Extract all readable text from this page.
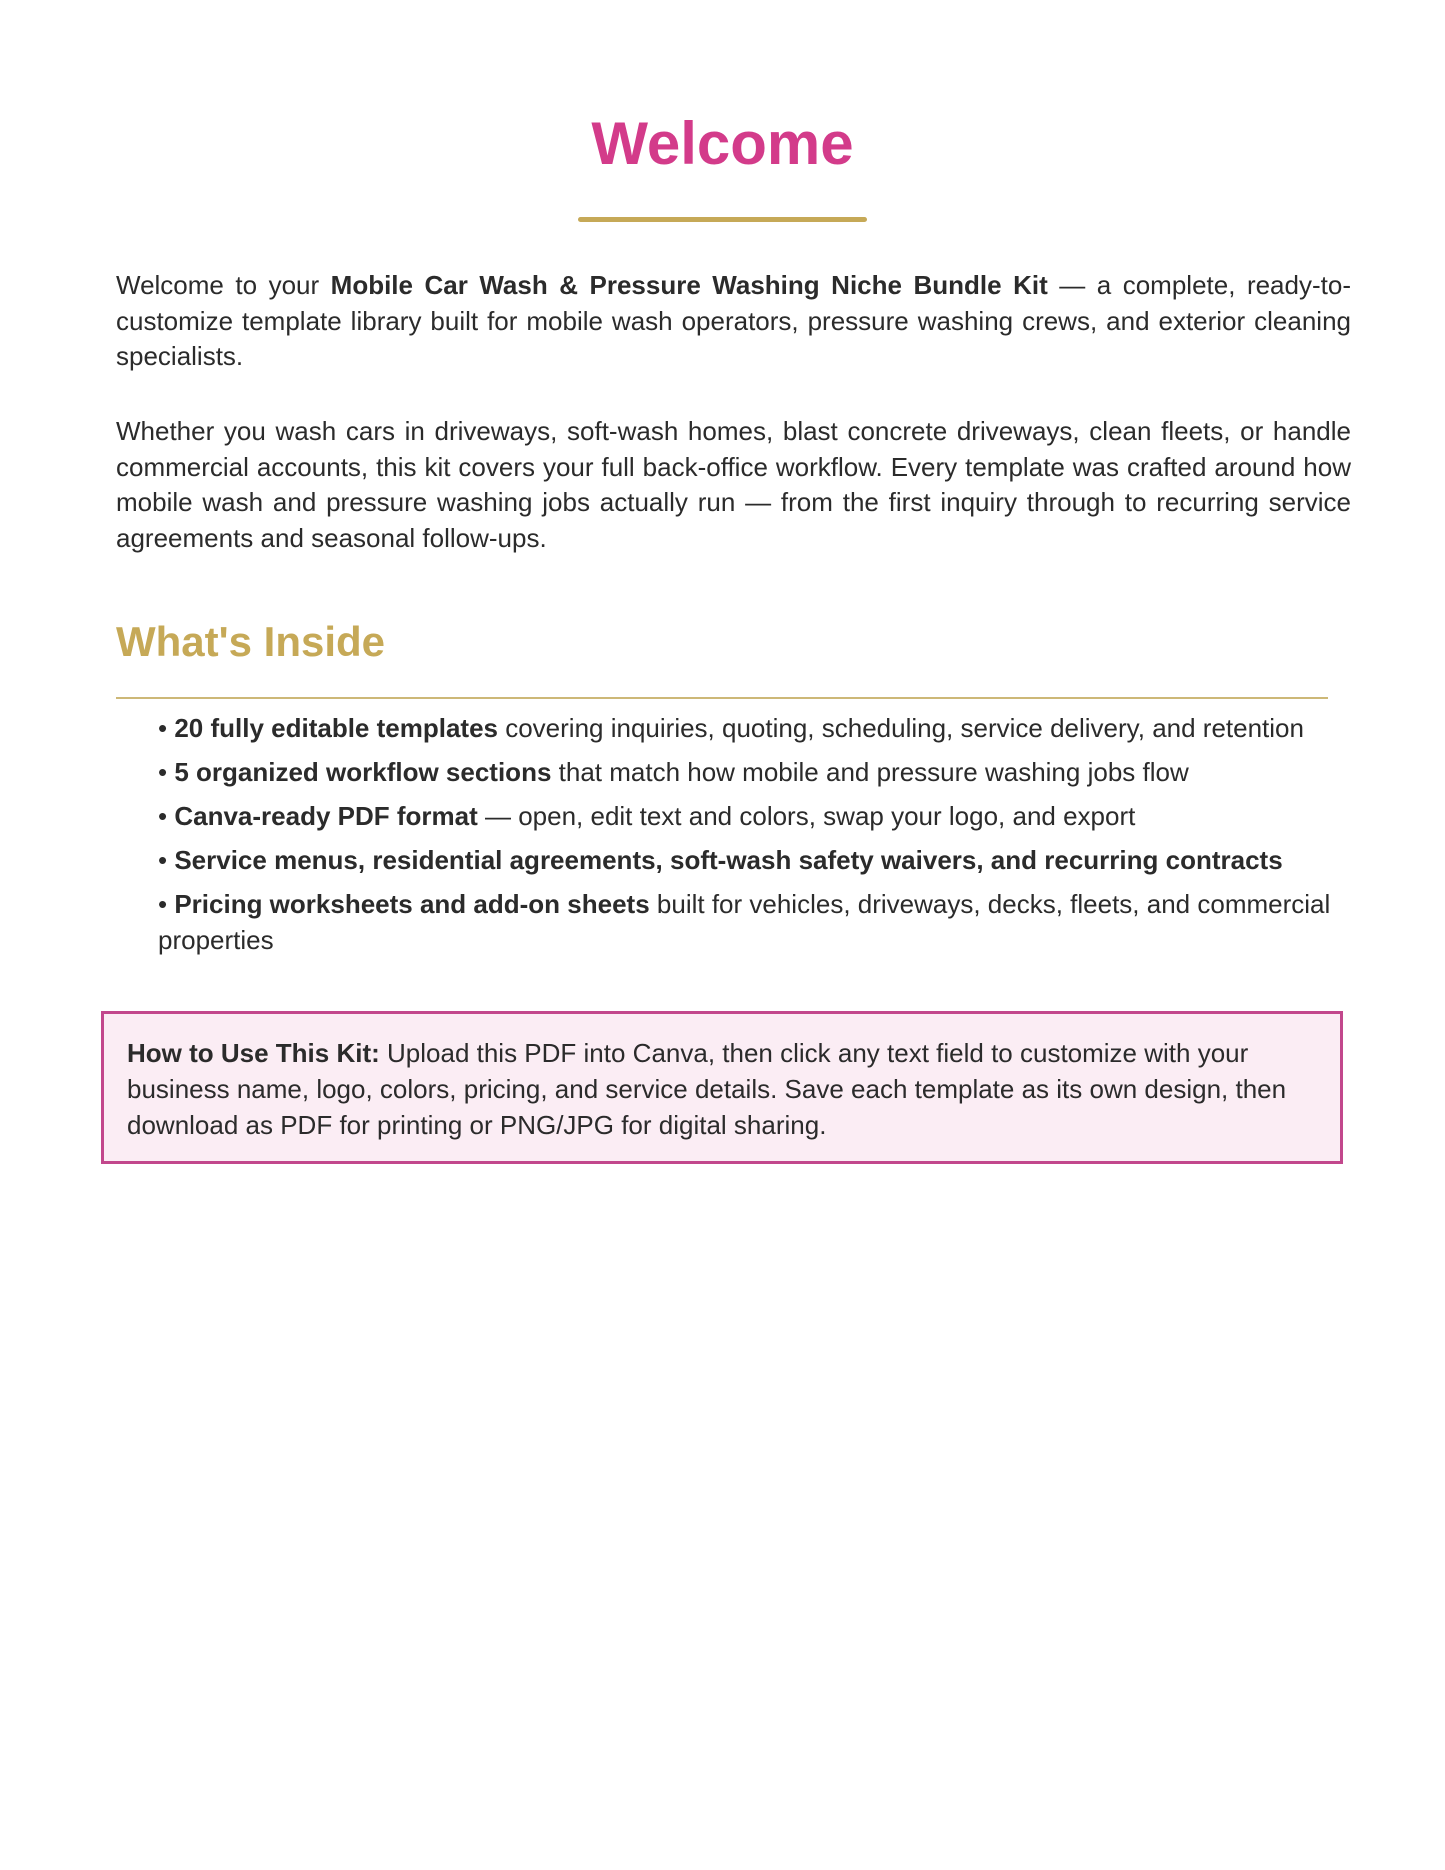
Welcome

Welcome to your Mobile Car Wash & Pressure Washing Niche Bundle Kit — a complete, ready-to-customize template library built for mobile wash operators, pressure washing crews, and exterior cleaning specialists.

Whether you wash cars in driveways, soft-wash homes, blast concrete driveways, clean fleets, or handle commercial accounts, this kit covers your full back-office workflow. Every template was crafted around how mobile wash and pressure washing jobs actually run — from the first inquiry through to recurring service agreements and seasonal follow-ups.

What's Inside
• 20 fully editable templates covering inquiries, quoting, scheduling, service delivery, and retention
• 5 organized workflow sections that match how mobile and pressure washing jobs flow
• Canva-ready PDF format — open, edit text and colors, swap your logo, and export
• Service menus, residential agreements, soft-wash safety waivers, and recurring contracts
• Pricing worksheets and add-on sheets built for vehicles, driveways, decks, fleets, and commercial properties
How to Use This Kit: Upload this PDF into Canva, then click any text field to customize with your business name, logo, colors, pricing, and service details. Save each template as its own design, then download as PDF for printing or PNG/JPG for digital sharing.
